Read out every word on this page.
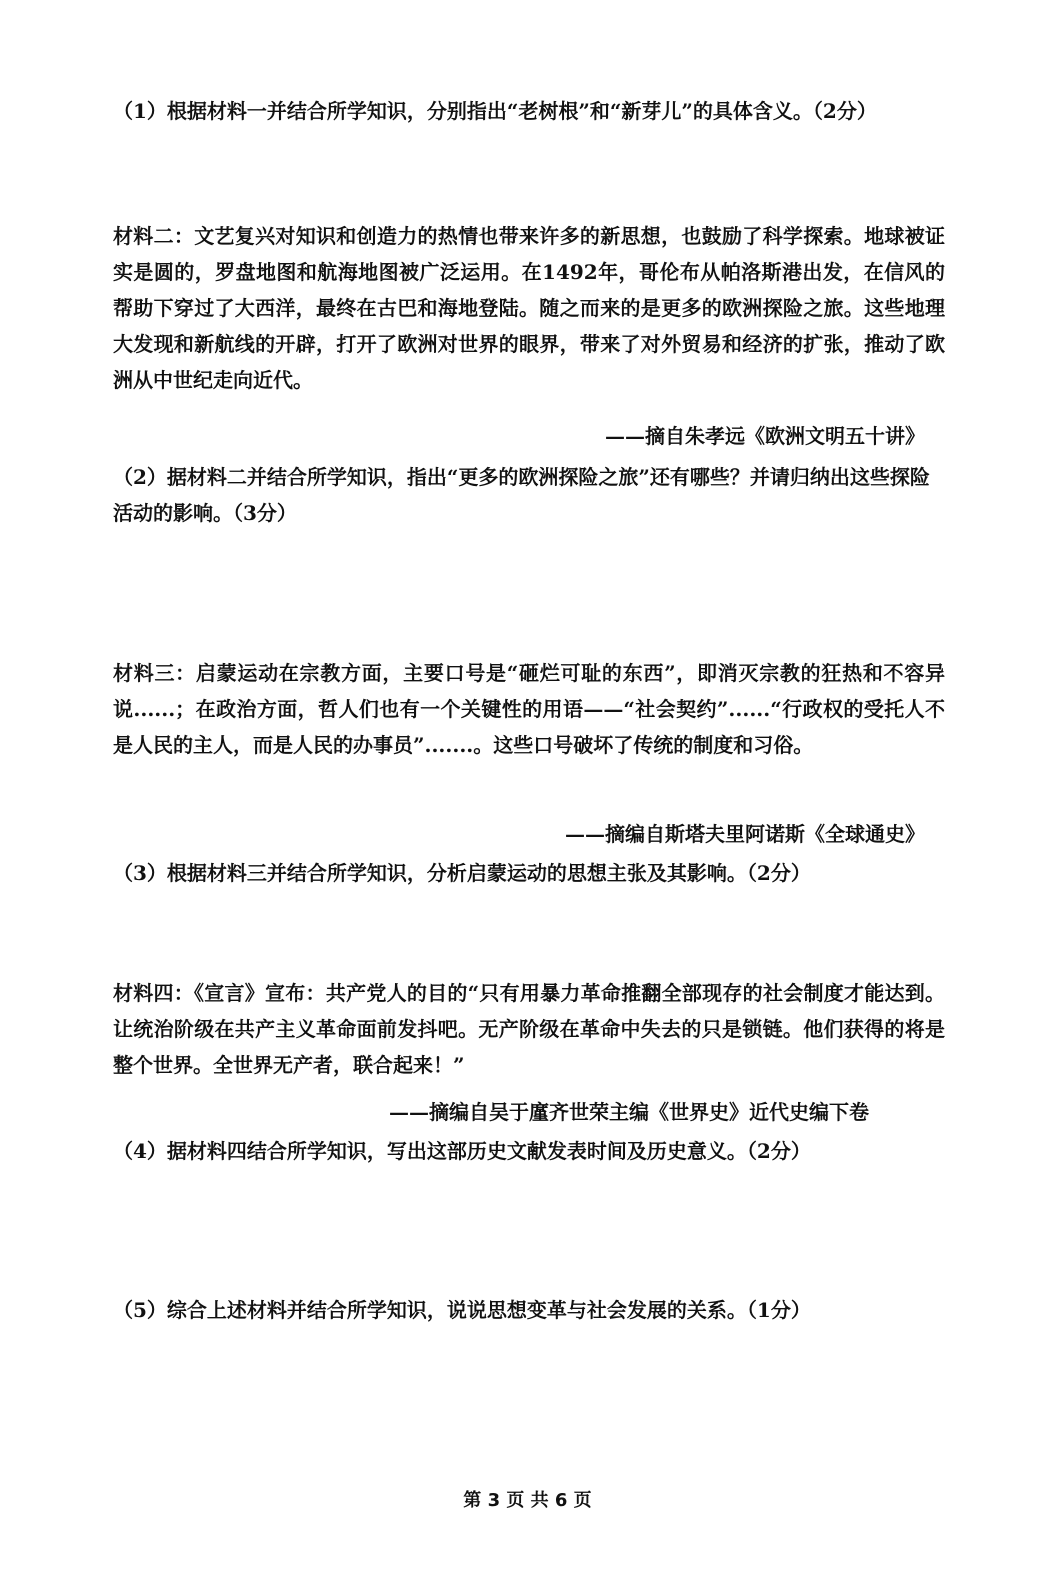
（1）根据材料一并结合所学知识，分别指出“老树根”和“新芽儿”的具体含义。（2分）
材料二：文艺复兴对知识和创造力的热情也带来许多的新思想，也鼓励了科学探索。地球被证实是圆的，罗盘地图和航海地图被广泛运用。在1492年，哥伦布从帕洛斯港出发，在信风的帮助下穿过了大西洋，最终在古巴和海地登陆。随之而来的是更多的欧洲探险之旅。这些地理大发现和新航线的开辟，打开了欧洲对世界的眼界，带来了对外贸易和经济的扩张，推动了欧洲从中世纪走向近代。
——摘自朱孝远《欧洲文明五十讲》
（2）据材料二并结合所学知识，指出“更多的欧洲探险之旅”还有哪些？并请归纳出这些探险活动的影响。（3分）
材料三：启蒙运动在宗教方面，主要口号是“砸烂可耻的东西”，即消灭宗教的狂热和不容异说......；在政治方面，哲人们也有一个关键性的用语——“社会契约”......“行政权的受托人不是人民的主人，而是人民的办事员”.......。这些口号破坏了传统的制度和习俗。
——摘编自斯塔夫里阿诺斯《全球通史》
（3）根据材料三并结合所学知识，分析启蒙运动的思想主张及其影响。（2分）
材料四：《宣言》宣布：共产党人的目的“只有用暴力革命推翻全部现存的社会制度才能达到。让统治阶级在共产主义革命面前发抖吧。无产阶级在革命中失去的只是锁链。他们获得的将是整个世界。全世界无产者，联合起来！”
——摘编自吴于廑齐世荣主编《世界史》近代史编下卷
（4）据材料四结合所学知识，写出这部历史文献发表时间及历史意义。（2分）
（5）综合上述材料并结合所学知识，说说思想变革与社会发展的关系。（1分）
第 3 页 共 6 页
